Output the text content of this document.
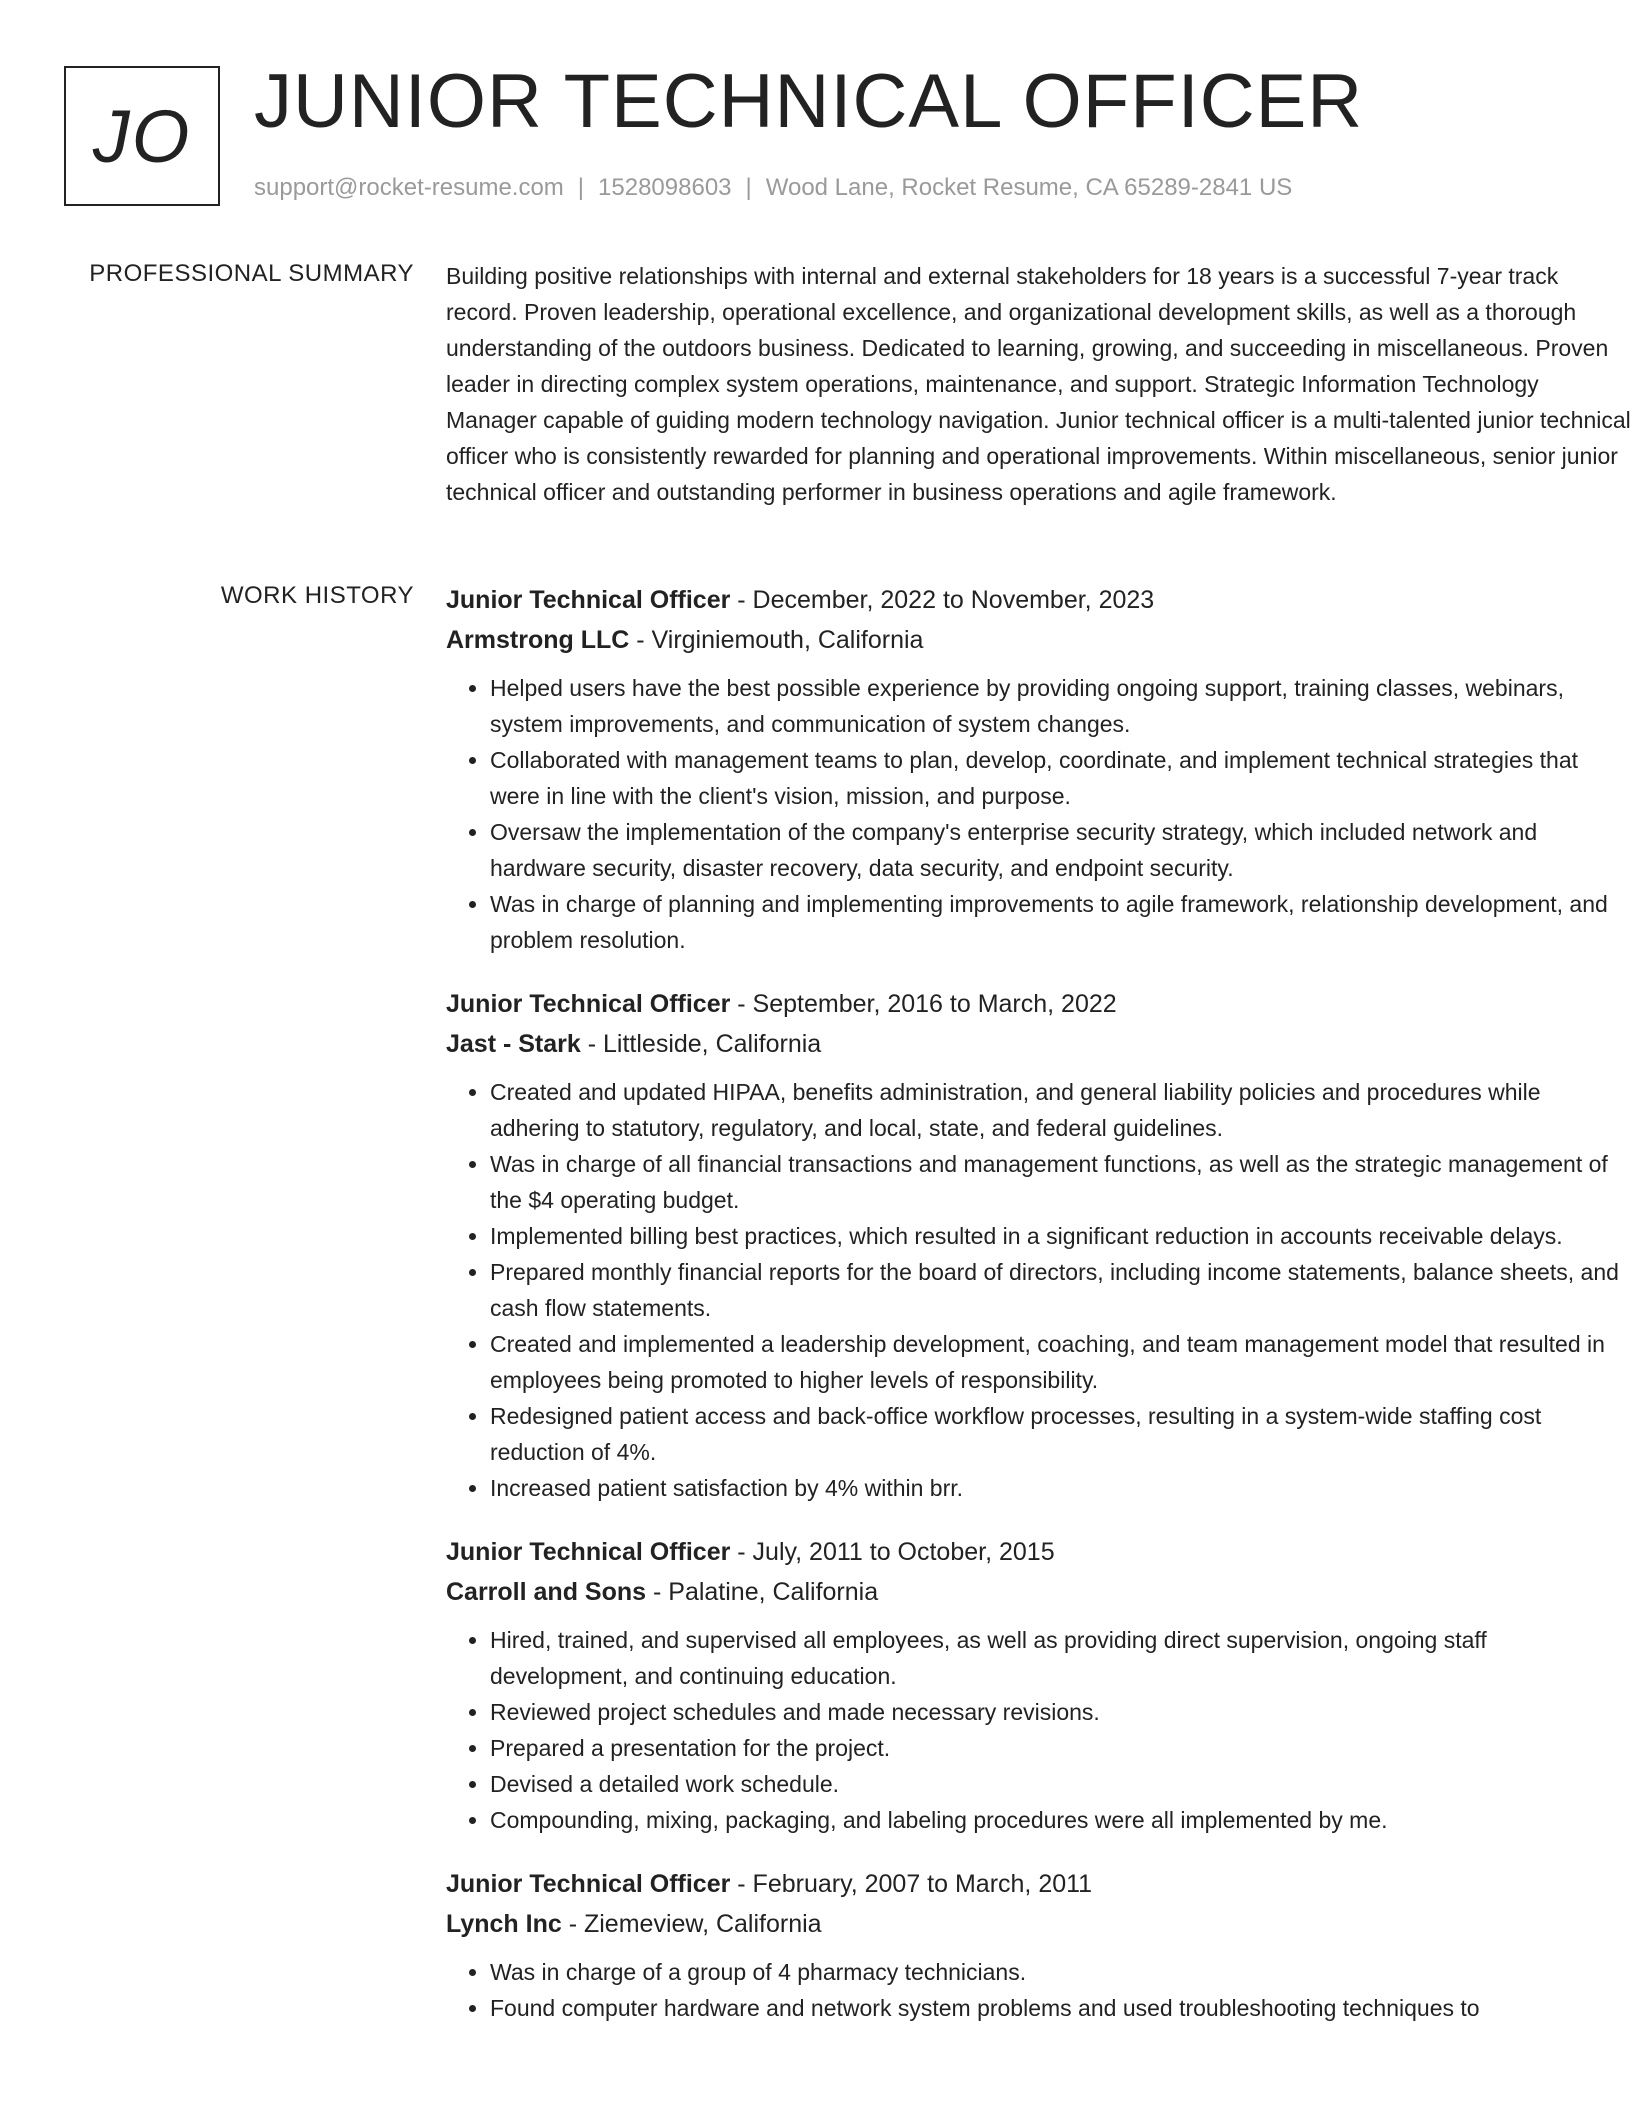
JO JUNIOR TECHNICAL OFFICER
support@rocket-resume.com | 1528098603 | Wood Lane, Rocket Resume, CA 65289-2841 US
PROFESSIONAL SUMMARY Building positive relationships with internal and external stakeholders for 18 years is a successful 7-year track record. Proven leadership, operational excellence, and organizational development skills, as well as a thorough understanding of the outdoors business. Dedicated to learning, growing, and succeeding in miscellaneous. Proven leader in directing complex system operations, maintenance, and support. Strategic Information Technology Manager capable of guiding modern technology navigation. Junior technical officer is a multi-talented junior technical officer who is consistently rewarded for planning and operational improvements. Within miscellaneous, senior junior technical officer and outstanding performer in business operations and agile framework.
WORK HISTORY Junior Technical Officer - December, 2022 to November, 2023
Armstrong LLC - Virginiemouth, California
• Helped users have the best possible experience by providing ongoing support, training classes, webinars, system improvements, and communication of system changes.
• Collaborated with management teams to plan, develop, coordinate, and implement technical strategies that were in line with the client's vision, mission, and purpose.
• Oversaw the implementation of the company's enterprise security strategy, which included network and hardware security, disaster recovery, data security, and endpoint security.
• Was in charge of planning and implementing improvements to agile framework, relationship development, and problem resolution.
Junior Technical Officer - September, 2016 to March, 2022
Jast - Stark - Littleside, California
• Created and updated HIPAA, benefits administration, and general liability policies and procedures while adhering to statutory, regulatory, and local, state, and federal guidelines.
• Was in charge of all financial transactions and management functions, as well as the strategic management of the $4 operating budget.
• Implemented billing best practices, which resulted in a significant reduction in accounts receivable delays.
• Prepared monthly financial reports for the board of directors, including income statements, balance sheets, and cash flow statements.
• Created and implemented a leadership development, coaching, and team management model that resulted in employees being promoted to higher levels of responsibility.
• Redesigned patient access and back-office workflow processes, resulting in a system-wide staffing cost reduction of 4%.
• Increased patient satisfaction by 4% within brr.
Junior Technical Officer - July, 2011 to October, 2015
Carroll and Sons - Palatine, California
• Hired, trained, and supervised all employees, as well as providing direct supervision, ongoing staff development, and continuing education.
• Reviewed project schedules and made necessary revisions.
• Prepared a presentation for the project.
• Devised a detailed work schedule.
• Compounding, mixing, packaging, and labeling procedures were all implemented by me.
Junior Technical Officer - February, 2007 to March, 2011
Lynch Inc - Ziemeview, California
• Was in charge of a group of 4 pharmacy technicians.
• Found computer hardware and network system problems and used troubleshooting techniques to
